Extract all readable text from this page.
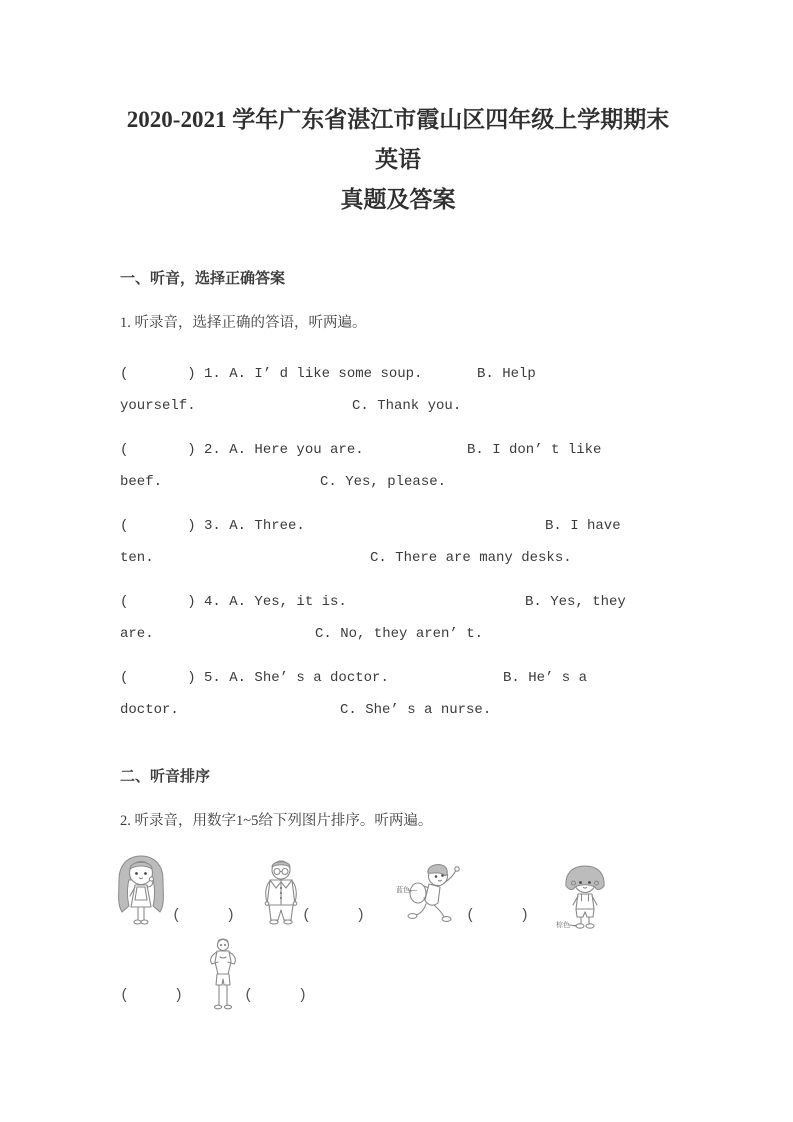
2020-2021 学年广东省湛江市霞山区四年级上学期期末英语
真题及答案
一、听音，选择正确答案
1. 听录音，选择正确的答语，听两遍。

(       ) 1. A. I’ d like some soup.

	B. Help

yourself.

	C. Thank you.

(       ) 2. A. Here you are.

	B. I don’ t like

beef.

	C. Yes, please.

(       ) 3. A. Three.

	B. I have

ten.

	C. There are many desks.

(       ) 4. A. Yes, it is.

	B. Yes, they

are.

	C. No, they aren’ t.

(       ) 5. A. She’ s a doctor.

	B. He’ s a

doctor.

	C. She’ s a nurse.

二、听音排序
2. 听录音，用数字1~5给下列图片排序。听两遍。
(     )	(     )
蓝色—
(     )
棕色—
(     )	(     )
